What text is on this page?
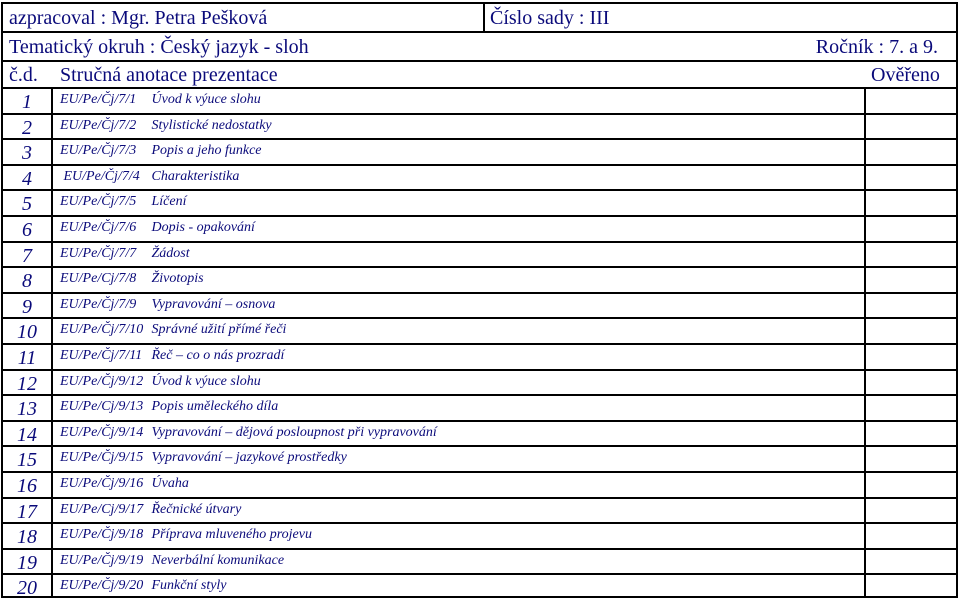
azpracoval : Mgr. Petra Pešková	Číslo sady : III
Tematický okruh : Český jazyk - sloh	Ročník : 7. a 9.
č.d. Stručná anotace prezentace	Ověřeno
1	EU/Pe/Čj/7/1 Úvod k výuce slohu
2	EU/Pe/Čj/7/2 Stylistické nedostatky
3	EU/Pe/Čj/7/3 Popis a jeho funkce
4	EU/Pe/Čj/7/4 Charakteristika
5	EU/Pe/Čj/7/5 Líčení
6	EU/Pe/Čj/7/6 Dopis - opakování
7	EU/Pe/Čj/7/7 Žádost
8	EU/Pe/Cj/7/8 Životopis
9	EU/Pe/Čj/7/9 Vypravování – osnova
10	EU/Pe/Čj/7/10 Správné užití přímé řeči
11	EU/Pe/Čj/7/11 Řeč – co o nás prozradí
12	EU/Pe/Čj/9/12 Úvod k výuce slohu
13	EU/Pe/Cj/9/13 Popis uměleckého díla
14	EU/Pe/Čj/9/14 Vypravování – dějová posloupnost při vypravování
15	EU/Pe/Čj/9/15 Vypravování – jazykové prostředky
16	EU/Pe/Čj/9/16 Úvaha
17	EU/Pe/Cj/9/17 Řečnické útvary
18	EU/Pe/Čj/9/18 Příprava mluveného projevu
19	EU/Pe/Čj/9/19 Neverbální komunikace
20	EU/Pe/Čj/9/20 Funkční styly
